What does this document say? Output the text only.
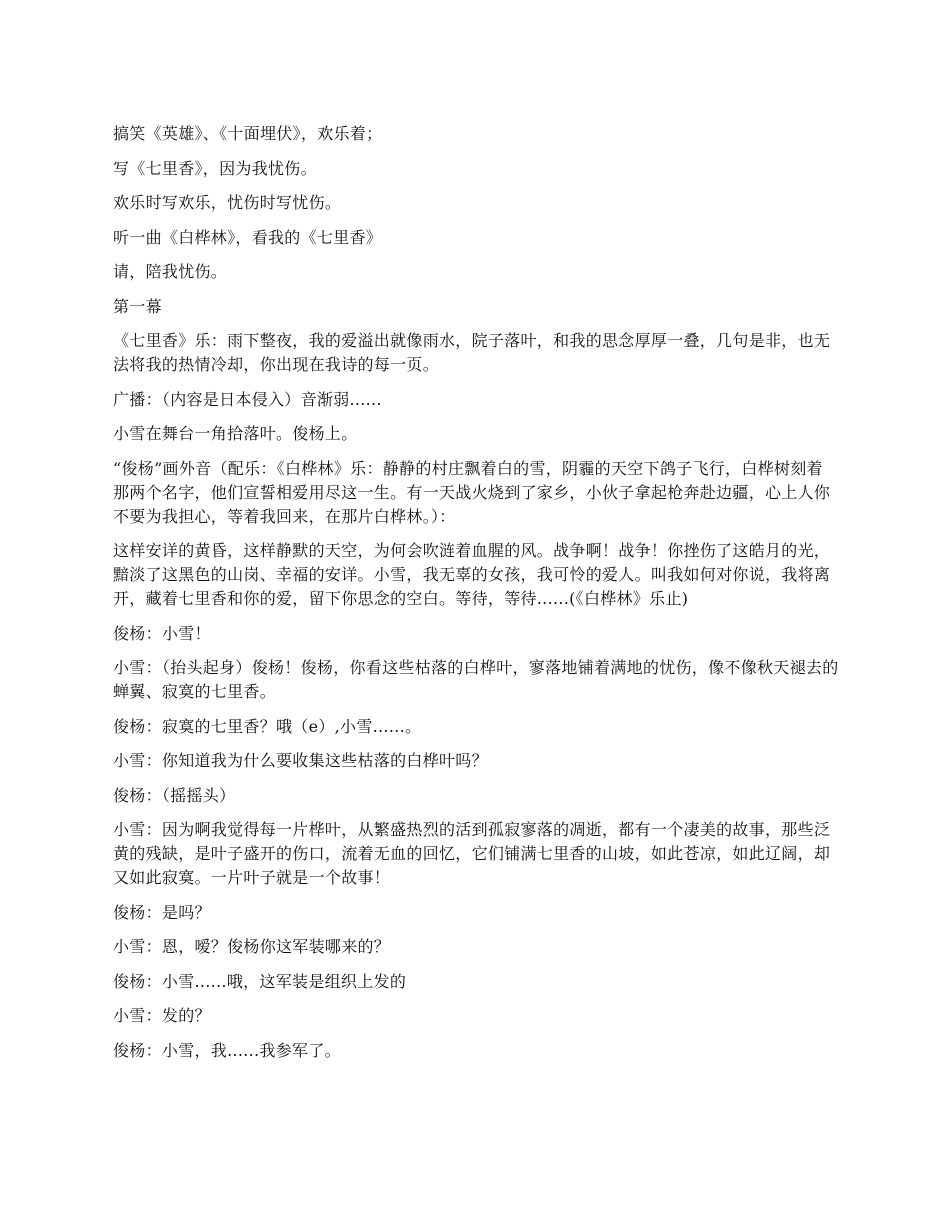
搞笑《英雄》、《十面埋伏》，欢乐着；

写《七里香》，因为我忧伤。

欢乐时写欢乐，忧伤时写忧伤。

听一曲《白桦林》，看我的《七里香》

请，陪我忧伤。

第一幕

《七里香》乐：雨下整夜，我的爱溢出就像雨水，院子落叶，和我的思念厚厚一叠，几句是非，也无法将我的热情冷却，你出现在我诗的每一页。

广播：（内容是日本侵入）音渐弱......

小雪在舞台一角拾落叶。俊杨上。

“俊杨”画外音（配乐：《白桦林》乐：静静的村庄飘着白的雪，阴霾的天空下鸽子飞行，白桦树刻着那两个名字，他们宣誓相爱用尽这一生。有一天战火烧到了家乡，小伙子拿起枪奔赴边疆，心上人你不要为我担心，等着我回来，在那片白桦林。）：

这样安详的黄昏，这样静默的天空，为何会吹涟着血腥的风。战争啊！战争！你挫伤了这皓月的光，黯淡了这黑色的山岗、幸福的安详。小雪，我无辜的女孩，我可怜的爱人。叫我如何对你说，我将离开，藏着七里香和你的爱，留下你思念的空白。等待，等待......(《白桦林》乐止)

俊杨：小雪！

小雪：（抬头起身）俊杨！俊杨，你看这些枯落的白桦叶，寥落地铺着满地的忧伤，像不像秋天褪去的蝉翼、寂寞的七里香。

俊杨：寂寞的七里香？哦（e）,小雪......。

小雪：你知道我为什么要收集这些枯落的白桦叶吗？

俊杨：（摇摇头）

小雪：因为啊我觉得每一片桦叶，从繁盛热烈的活到孤寂寥落的凋逝，都有一个凄美的故事，那些泛黄的残缺，是叶子盛开的伤口，流着无血的回忆，它们铺满七里香的山坡，如此苍凉，如此辽阔，却又如此寂寞。一片叶子就是一个故事！

俊杨：是吗？

小雪：恩，嗳？俊杨你这军装哪来的？

俊杨：小雪......哦，这军装是组织上发的

小雪：发的？

俊杨：小雪，我......我参军了。
